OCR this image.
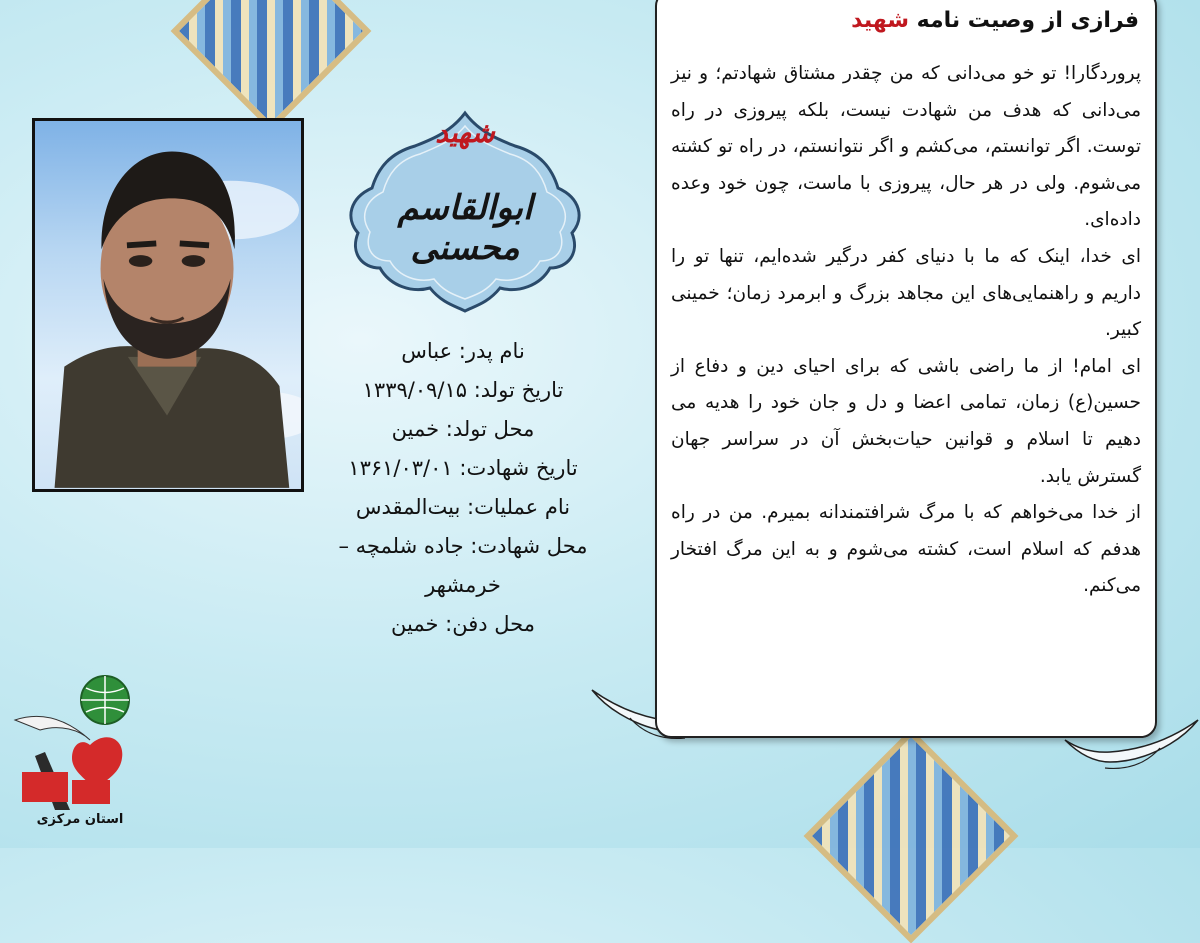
شهید
ابوالقاسم محسنی
نام پدر: عباس
تاریخ تولد: ۱۳۳۹/۰۹/۱۵
محل تولد: خمین
تاریخ شهادت: ۱۳۶۱/۰۳/۰۱
نام عملیات: بیت‌المقدس
محل شهادت: جاده شلمچه –
خرمشهر
محل دفن: خمین
فرازی از وصیت نامه شهید

پروردگارا! تو خو می‌دانی که من چقدر مشتاق شهادتم؛ و نیز می‌دانی که هدف من شهادت نیست، بلکه پیروزی در راه توست. اگر توانستم، می‌کشم و اگر نتوانستم، در راه تو کشته می‌شوم. ولی در هر حال، پیروزی با ماست، چون خود وعده داده‌ای.

ای خدا، اینک که ما با دنیای کفر درگیر شده‌ایم، تنها تو را داریم و راهنمایی‌های این مجاهد بزرگ و ابرمرد زمان؛ خمینی کبیر.

ای امام! از ما راضی باشی که برای احیای دین و دفاع از حسین(ع) زمان، تمامی اعضا و دل و جان خود را هدیه می دهیم تا اسلام و قوانین حیات‌بخش آن در سراسر جهان گسترش یابد.

از خدا می‌خواهم که با مرگ شرافتمندانه بمیرم. من در راه هدفم که اسلام است، کشته می‌شوم و به این مرگ افتخار می‌کنم.

استان مرکزی
